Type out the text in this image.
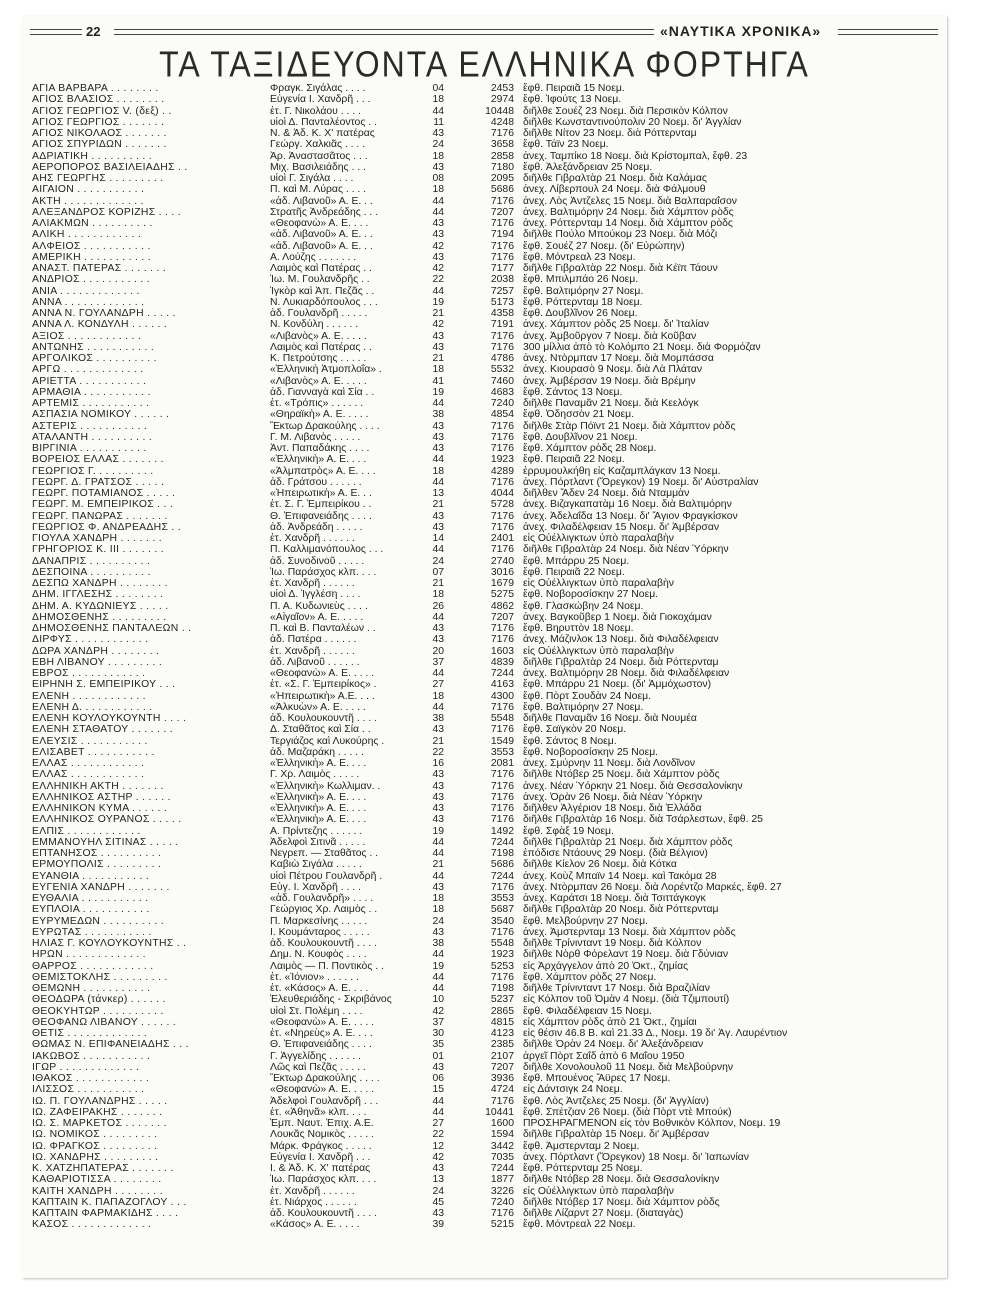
22	«ΝΑΥΤΙΚΑ ΧΡΟΝΙΚΑ»
ΤΑ ΤΑΞΙΔΕΥΟΝΤΑ ΕΛΛΗΝΙΚΑ ΦΟΡΤΗΓΑ
ΑΓΙΑ ΒΑΡΒΑΡΑ . . . . . . . .	Φραγκ. Σιγάλας . . . .	04	2453 ἔφθ. Πειραιᾶ 15 Νοεμ.
ΑΓΙΟΣ ΒΛΑΣΙΟΣ . . . . . . . .	Εὐγενία Ι. Χανδρῆ . . .	18	2974 ἔφθ. Ἰφούτς 13 Νοεμ.
ΑΓΙΟΣ ΓΕΩΡΓΙΟΣ V. (δεξ) . .	ἐτ. Γ. Νικολάου . . . .	44	10448 διῆλθε Σουέζ 23 Νοεμ. διὰ Περσικὸν Κόλπον
ΑΓΙΟΣ ΓΕΩΡΓΙΟΣ . . . . . . .	υἱοὶ Δ. Πανταλέοντος . .	11	4248 διῆλθε Κωνσταντινούπολιν 20 Νοεμ. δι' Ἀγγλίαν
ΑΓΙΟΣ ΝΙΚΟΛΑΟΣ . . . . . . .	Ν. & Ἀδ. Κ. Χ' πατέρας	43	7176 διῆλθε Νίτον 23 Νοεμ. διὰ Ρόττερνταμ
ΑΓΙΟΣ ΣΠΥΡΙΔΩΝ . . . . . . .	Γεώργ. Χαλκιᾶς . . . .	24	3658 ἔφθ. Τάϊν 23 Νοεμ.
ΑΔΡΙΑΤΙΚΗ . . . . . . . . . .	Ἀρ. Ἀναστασᾶτος . . .	18	2858 ἀνεχ. Ταμπίκο 18 Νοεμ. διὰ Κρίστομπαλ, ἔφθ. 23
ΑΕΡΟΠΟΡΟΣ ΒΑΣΙΛΕΙΑΔΗΣ . .	Μιχ. Βασιλειάδης . . .	43	7180 ἔφθ. Ἀλεξάνδρειαν 25 Νοεμ.
ΑΗΣ ΓΕΩΡΓΗΣ . . . . . . . . .	υἱοὶ Γ. Σιγάλα . . . .	08	2095 διῆλθε Γιβραλτὰρ 21 Νοεμ. διὰ Καλάμας
ΑΙΓΑΙΟΝ . . . . . . . . . . .	Π. καὶ Μ. Λύρας . . . .	18	5686 ἀνεχ. Λίβερπουλ 24 Νοεμ. διὰ Φάλμουθ
ΑΚΤΗ . . . . . . . . . . . . .	«ἀδ. Λιβανοῦ» Α. Ε. . .	44	7176 ἀνεχ. Λὸς Ἀντζελες 15 Νοεμ. διὰ Βαλπαραΐσον
ΑΛΕΞΑΝΔΡΟΣ ΚΟΡΙΖΗΣ . . . .	Στρατῆς Ἀνδρεάδης . . .	44	7207 ἀνεχ. Βαλτιμόρην 24 Νοεμ. διὰ Χάμπτον ρὸδς
ΑΛΙΑΚΜΩΝ . . . . . . . . . .	«Θεοφανὼ» Α. Ε. . . .	43	7176 ἀνεχ. Ρόττερνταμ 14 Νοεμ. διὰ Χάμπτον ρὸδς
ΑΛΙΚΗ . . . . . . . . . . . .	«ἀδ. Λιβανοῦ» Α. Ε. . .	43	7194 διῆλθε Πούλο Μπούκομ 23 Νοεμ. διὰ Μόζι
ΑΛΦΕΙΟΣ . . . . . . . . . . .	«ἀδ. Λιβανοῦ» Α. Ε. . .	42	7176 ἔφθ. Σουέζ 27 Νοεμ. (δι' Εὐρώπην)
ΑΜΕΡΙΚΗ . . . . . . . . . . .	Α. Λούζης . . . . . . .	43	7176 ἔφθ. Μόντρεαλ 23 Νοεμ.
ΑΝΑΣΤ. ΠΑΤΕΡΑΣ . . . . . . .	Λαιμὸς καὶ Πατέρας . .	42	7177 διῆλθε Γιβραλτὰρ 22 Νοεμ. διὰ Κέϊπ Τάουν
ΑΝΔΡΙΟΣ . . . . . . . . . . .	Ἰω. Μ. Γουλανδρῆς . .	22	2038 ἔφθ. Μπιλμπάο 26 Νοεμ.
ΑΝΙΑ . . . . . . . . . . . . .	Ἰγκὸρ καὶ Ἀπ. Πεζᾶς . .	44	7257 ἔφθ. Βαλτιμόρην 27 Νοεμ.
ΑΝΝΑ . . . . . . . . . . . . .	Ν. Λυκιαρδόπουλος . . .	19	5173 ἔφθ. Ρόττερνταμ 18 Νοεμ.
ΑΝΝΑ Ν. ΓΟΥΛΑΝΔΡΗ . . . . .	ἀδ. Γουλανδρῆ . . . . .	21	4358 ἔφθ. Δουβλῖνον 26 Νοεμ.
ΑΝΝΑ Λ. ΚΟΝΔΥΛΗ . . . . . .	Ν. Κονδύλη . . . . . .	42	7191 ἀνεχ. Χάμπτον ρὸδς 25 Νοεμ. δι' Ἰταλίαν
ΑΞΙΟΣ . . . . . . . . . . . .	«Λιβανὸς» Α. Ε. . . . .	43	7176 ἀνεχ. Ἀμβοῦργον 7 Νοεμ. διὰ Κοῦβαν
ΑΝΤΩΝΗΣ . . . . . . . . . . .	Λαιμὸς καὶ Πατέρας . .	43	7176 300 μίλλια ἀπὸ τὸ Κολόμπο 21 Νοεμ. διὰ Φορμόζαν
ΑΡΓΟΛΙΚΟΣ . . . . . . . . . .	Κ. Πετρούτσης . . . . .	21	4786 ἀνεχ. Ντὸρμπαν 17 Νοεμ. διὰ Μομπάσσα
ΑΡΓΩ . . . . . . . . . . . . .	«Ἑλληνικὴ Ἀτμοπλοΐα» .	18	5532 ἀνεχ. Κιουρασὸ 9 Νοεμ. διὰ Λὰ Πλάταν
ΑΡΙΕΤΤΑ . . . . . . . . . . .	«Λιβανὸς» Α. Ε. . . . .	41	7460 ἀνεχ. Ἀμβέρσαν 19 Νοεμ. διὰ Βρέμην
ΑΡΜΑΘΙΑ . . . . . . . . . . .	ἀδ. Γιανναγὰ καὶ Σία . .	19	4683 ἔφθ. Σάντος 13 Νοεμ.
ΑΡΤΕΜΙΣ . . . . . . . . . . .	ἐτ. «Τρόπις» . . . . . .	44	7240 διῆλθε Παναμᾶν 21 Νοεμ. διὰ Κεελόγκ
ΑΣΠΑΣΙΑ ΝΟΜΙΚΟΥ . . . . . .	«Θηραϊκὴ» Α. Ε. . . . .	38	4854 ἔφθ. Ὀδησσὸν 21 Νοεμ.
ΑΣΤΕΡΙΣ . . . . . . . . . . .	Ἕκτωρ Δρακούλης . . . .	43	7176 διῆλθε Στὰρ Πόϊντ 21 Νοεμ. διὰ Χάμπτον ρὸδς
ΑΤΑΛΑΝΤΗ . . . . . . . . . .	Γ. Μ. Λιβανὸς . . . . .	43	7176 ἔφθ. Δουβλῖνον 21 Νοεμ.
ΒΙΡΓΙΝΙΑ . . . . . . . . . . .	Ἀντ. Παπαδάκης . . . .	43	7176 ἔφθ. Χάμπτον ρὸδς 28 Νοεμ.
ΒΟΡΕΙΟΣ ΕΛΛΑΣ . . . . . . .	«Ἑλληνικὴ» Α. Ε. . . .	44	1923 ἔφθ. Πειραιᾶ 22 Νοεμ.
ΓΕΩΡΓΙΟΣ Γ. . . . . . . . . .	«Ἀλμπατρὸς» Α. Ε. . . .	18	4289 ἐρρυμουλκήθη εἰς Καζαμπλάγκαν 13 Νοεμ.
ΓΕΩΡΓ. Δ. ΓΡΑΤΣΟΣ . . . . .	ἀδ. Γράτσου . . . . . .	44	7176 ἀνεχ. Πόρτλαντ (Ὄρεγκον) 19 Νοεμ. δι' Αὐστραλίαν
ΓΕΩΡΓ. ΠΟΤΑΜΙΑΝΟΣ . . . . .	«Ἠπειρωτικὴ» Α. Ε. . .	13	4044 διῆλθεν Ἄδεν 24 Νοεμ. διὰ Νταμμὰν
ΓΕΩΡΓ. Μ. ΕΜΠΕΙΡΙΚΟΣ . . .	ἐτ. Σ. Γ. Ἐμπειρίκου . .	21	5728 ἀνεχ. Βιζαγκαπατὰμ 16 Νοεμ. διὰ Βαλτιμόρην
ΓΕΩΡΓ. ΠΑΝΩΡΑΣ . . . . . . .	Θ. Ἐπιφανειάδης . . . .	43	7176 ἀνεχ. Ἀδελαΐδα 13 Νοεμ. δι' Ἅγιον Φραγκίσκον
ΓΕΩΡΓΙΟΣ Φ. ΑΝΔΡΕΑΔΗΣ . .	ἀδ. Ἀνδρεάδη . . . . .	43	7176 ἀνεχ. Φιλαδέλφειαν 15 Νοεμ. δι' Ἀμβέρσαν
ΓΙΟΥΛΑ ΧΑΝΔΡΗ . . . . . . .	ἐτ. Χανδρῆ . . . . . .	14	2401 εἰς Οὐέλλιγκτων ὑπὸ παραλαβὴν
ΓΡΗΓΟΡΙΟΣ Κ. ΙΙΙ . . . . . . .	Π. Καλλιμανόπουλος . . .	44	7176 διῆλθε Γιβραλτὰρ 24 Νοεμ. διὰ Νέαν Ὑόρκην
ΔΑΝΑΠΡΙΣ . . . . . . . . . .	ἀδ. Συνοδινοῦ . . . . .	24	2740 ἔφθ. Μπάρρυ 25 Νοεμ.
ΔΕΣΠΟΙΝΑ . . . . . . . . . .	Ἰω. Παράσχος κλπ. . . .	07	3016 ἔφθ. Πειραιᾶ 22 Νοεμ.
ΔΕΣΠΩ ΧΑΝΔΡΗ . . . . . . . .	ἐτ. Χανδρῆ . . . . . .	21	1679 εἰς Οὐέλλιγκτων ὑπὸ παραλαβὴν
ΔΗΜ. ΙΓΓΛΕΣΗΣ . . . . . . . .	υἱοὶ Δ. Ἰγγλέση . . . .	18	5275 ἔφθ. Νοβοροσίσκην 27 Νοεμ.
ΔΗΜ. Α. ΚΥΔΩΝΙΕΥΣ . . . . .	Π. Α. Κυδωνιεὺς . . . .	26	4862 ἔφθ. Γλασκώβην 24 Νοεμ.
ΔΗΜΟΣΘΕΝΗΣ . . . . . . . . .	«Αἰγαῖον» Α. Ε. . . . .	44	7207 ἀνεχ. Βαγκοῦβερ 1 Νοεμ. διὰ Γιοκοχάμαν
ΔΗΜΟΣΘΕΝΗΣ ΠΑΝΤΑΛΕΩΝ . .	Π. καὶ Β. Πανταλέων . .	43	7176 ἔφθ. Βηρυττὸν 18 Νοεμ.
ΔΙΡΦΥΣ . . . . . . . . . . . .	ἀδ. Πατέρα . . . . . .	43	7176 ἀνεχ. Μάζινλοκ 13 Νοεμ. διὰ Φιλαδέλφειαν
ΔΩΡΑ ΧΑΝΔΡΗ . . . . . . . .	ἐτ. Χανδρῆ . . . . . .	20	1603 εἰς Οὐέλλιγκτων ὑπὸ παραλαβὴν
ΕΒΗ ΛΙΒΑΝΟΥ . . . . . . . . .	ἀδ. Λιβανοῦ . . . . . .	37	4839 διῆλθε Γιβραλτὰρ 24 Νοεμ. διὰ Ρόττερνταμ
ΕΒΡΟΣ . . . . . . . . . . . .	«Θεοφανὼ» Α. Ε. . . . .	44	7244 ἀνεχ. Βαλτιμόρην 28 Νοεμ. διὰ Φιλαδέλφειαν
ΕΙΡΗΝΗ Σ. ΕΜΠΕΙΡΙΚΟΥ . . .	ἐτ. «Σ. Γ. Ἐμπειρίκος» .	27	4163 ἔφθ. Μπάρρυ 21 Νοεμ. (δι' Ἀμμόχωστον)
ΕΛΕΝΗ . . . . . . . . . . . .	«Ἠπειρωτικὴ» Α.Ε. . . .	18	4300 ἔφθ. Πὸρτ Σουδὰν 24 Νοεμ.
ΕΛΕΝΗ Δ. . . . . . . . . . . .	«Ἀλκυὼν» Α. Ε. . . . .	44	7176 ἔφθ. Βαλτιμόρην 27 Νοεμ.
ΕΛΕΝΗ ΚΟΥΛΟΥΚΟΥΝΤΗ . . . .	ἀδ. Κουλουκουντῆ . . . .	38	5548 διῆλθε Παναμᾶν 16 Νοεμ. διὰ Νουμέα
ΕΛΕΝΗ ΣΤΑΘΑΤΟΥ . . . . . . .	Δ. Σταθᾶτος καὶ Σία . .	43	7176 ἔφθ. Σαϊγκὸν 20 Νοεμ.
ΕΛΕΥΣΙΣ . . . . . . . . . . .	Τεργιάζος καὶ Λυκούρης .	21	1549 ἔφθ. Σάντος 8 Νοεμ.
ΕΛΙΣΑΒΕΤ . . . . . . . . . . .	ἀδ. Μαζαράκη . . . . .	22	3553 ἔφθ. Νοβοροσίσκην 25 Νοεμ.
ΕΛΛΑΣ . . . . . . . . . . . .	«Ἑλληνικὴ» Α. Ε. . . .	16	2081 ἀνεχ. Σμύρνην 11 Νοεμ. διὰ Λονδῖνον
ΕΛΛΑΣ . . . . . . . . . . . .	Γ. Χρ. Λαιμὸς . . . . .	43	7176 διῆλθε Ντόβερ 25 Νοεμ. διὰ Χάμπτον ρὸδς
ΕΛΛΗΝΙΚΗ ΑΚΤΗ . . . . . . .	«Ἑλληνικὴ» Κωλλιμαν. .	43	7176 ἀνεχ. Νέαν Ὑόρκην 21 Νοεμ. διὰ Θεσσαλονίκην
ΕΛΛΗΝΙΚΟΣ ΑΣΤΗΡ . . . . . .	«Ἑλληνικὴ» Α. Ε. . . .	43	7176 ἀνεχ. Ὀρὰν 26 Νοεμ. διὰ Νέαν Ὑόρκην
ΕΛΛΗΝΙΚΟΝ ΚΥΜΑ . . . . . .	«Ἑλληνικὴ» Α. Ε. . . .	43	7176 διῆλθεν Ἀλγέριον 18 Νοεμ. διὰ Ἑλλάδα
ΕΛΛΗΝΙΚΟΣ ΟΥΡΑΝΟΣ . . . . .	«Ἑλληνικὴ» Α. Ε. . . .	43	7176 διῆλθε Γιβραλτὰρ 16 Νοεμ. διὰ Τσάρλεστων, ἔφθ. 25
ΕΛΠΙΣ . . . . . . . . . . . .	Α. Πρίντεζης . . . . . .	19	1492 ἔφθ. Σφὰξ 19 Νοεμ.
ΕΜΜΑΝΟΥΗΛ ΣΙΤΙΝΑΣ . . . . .	Ἀδελφοὶ Σιτινᾶ . . . . .	44	7244 διῆλθε Γιβραλτὰρ 21 Νοεμ. διὰ Χάμπτον ρὸδς
ΕΠΤΑΝΗΣΟΣ . . . . . . . . . .	Νεγρεπ. — Σταθᾶτος . .	44	7198 ἐπόδισε Ντάουνς 29 Νοεμ. (διὰ Βέλγιον)
ΕΡΜΟΥΠΟΛΙΣ . . . . . . . . .	Καβιὼ Σιγάλα . . . . .	21	5686 διῆλθε Κίελον 26 Νοεμ. διὰ Κότκα
ΕΥΑΝΘΙΑ . . . . . . . . . . .	υἱοὶ Πέτρου Γουλανδρῆ .	44	7244 ἀνεχ. Κοὺζ Μπαϊν 14 Νοεμ. καὶ Τακόμα 28
ΕΥΓΕΝΙΑ ΧΑΝΔΡΗ . . . . . . .	Εὐγ. Ι. Χανδρῆ . . . .	43	7176 ἀνεχ. Ντὸρμπαν 26 Νοεμ. διὰ Λορέντζο Μαρκές, ἔφθ. 27
ΕΥΘΑΛΙΑ . . . . . . . . . . .	«ἀδ. Γουλανδρῆ» . . . .	18	3553 ἀνεχ. Καράτσι 18 Νοεμ. διὰ Τσιττάγκογκ
ΕΥΠΛΟΙΑ . . . . . . . . . . .	Γεώργιος Χρ. Λαιμὸς . .	18	5687 διῆλθε Γιβραλτὰρ 20 Νοεμ. διὰ Ρόττερνταμ
ΕΥΡΥΜΕΔΩΝ . . . . . . . . . .	Π. Μαρκεσίνης . . . . .	24	3540 ἔφθ. Μελβούρνην 27 Νοεμ.
ΕΥΡΩΤΑΣ . . . . . . . . . . .	Ι. Κουμάνταρος . . . . .	43	7176 ἀνεχ. Ἀμστερνταμ 13 Νοεμ. διὰ Χάμπτον ρὸδς
ΗΛΙΑΣ Γ. ΚΟΥΛΟΥΚΟΥΝΤΗΣ . .	ἀδ. Κουλουκουντῆ . . . .	38	5548 διῆλθε Τρίνινταντ 19 Νοεμ. διὰ Κόλπον
ΗΡΩΝ . . . . . . . . . . . . .	Δημ. Ν. Κουφὸς . . . .	44	1923 διῆλθε Νὸρθ Φόρελαντ 19 Νοεμ. διὰ Γδύνιαν
ΘΑΡΡΟΣ . . . . . . . . . . . .	Λαιμὸς — Π. Ποντικὸς . .	19	5253 εἰς Ἀρχάγγελον ἀπὸ 20 Ὀκτ., ζημίας
ΘΕΜΙΣΤΟΚΛΗΣ . . . . . . . . .	ἐτ. «Ἰόνιον» . . . . . .	44	7176 ἔφθ. Χάμπτον ρὸδς 27 Νοεμ.
ΘΕΜΩΝΗ . . . . . . . . . . .	ἐτ. «Κάσος» Α. Ε. . . .	44	7198 διῆλθε Τρίνινταντ 17 Νοεμ. διὰ Βραζιλίαν
ΘΕΟΔΩΡΑ (τάνκερ) . . . . . .	Ἐλευθεριάδης - Σκριβάνος	10	5237 εἰς Κόλπον τοῦ Ὀμὰν 4 Νοεμ. (διὰ Τζιμπουτί)
ΘΕΟΚΥΗΤΩΡ . . . . . . . . . .	υἱοὶ Στ. Πολέμη . . . .	42	2865 ἔφθ. Φιλαδέλφειαν 15 Νοεμ.
ΘΕΟΦΑΝΩ ΛΙΒΑΝΟΥ . . . . . .	«Θεοφανὼ» Α. Ε. . . . .	37	4815 εἰς Χάμπτον ρὸδς ἀπὸ 21 Ὀκτ., ζημίαι
ΘΕΤΙΣ . . . . . . . . . . . . .	ἐτ. «Νηρεὺς» Α. Ε. . . .	30	4123 εἰς θέσιν 46.8 Β. καὶ 21.33 Δ., Νοεμ. 19 δι' Ἀγ. Λαυρέντιον
ΘΩΜΑΣ Ν. ΕΠΙΦΑΝΕΙΑΔΗΣ . . .	Θ. Ἐπιφανειάδης . . . .	35	2385 διῆλθε Ὀρὰν 24 Νοεμ. δι' Ἀλεξάνδρειαν
ΙΑΚΩΒΟΣ . . . . . . . . . . .	Γ. Ἀγγελίδης . . . . . .	01	2107 ἀργεῖ Πὸρτ Σαΐδ ἀπὸ 6 Μαΐου 1950
ΙΓΩΡ . . . . . . . . . . . . .	Λῶς καὶ Πεζᾶς . . . . .	43	7207 διῆλθε Χονολουλοῦ 11 Νοεμ. διὰ Μελβούρνην
ΙΘΑΚΟΣ . . . . . . . . . . . .	Ἕκτωρ Δρακούλης . . . .	06	3936 ἔφθ. Μπουένος Ἄϋρες 17 Νοεμ.
ΙΛΙΣΣΟΣ . . . . . . . . . . .	«Θεοφανὼ» Α. Ε. . . . .	15	4724 εἰς Δάντσιγκ 24 Νοεμ.
ΙΩ. Π. ΓΟΥΛΑΝΔΡΗΣ . . . . .	Ἀδελφοὶ Γουλανδρῆ . . .	44	7176 ἔφθ. Λὸς Ἀντζελες 25 Νοεμ. (δι' Ἀγγλίαν)
ΙΩ. ΖΑΦΕΙΡΑΚΗΣ . . . . . . .	ἐτ. «Ἀθηνᾶ» κλπ. . . .	44	10441 ἔφθ. Σπέτζιαν 26 Νοεμ. (διὰ Πὸρτ ντὲ Μπούκ)
ΙΩ. Σ. ΜΑΡΚΕΤΟΣ . . . . . . .	Ἐμπ. Ναυτ. Ἐπιχ. Α.Ε.	27	1600 ΠΡΟΣΗΡΑΓΜΕΝΟΝ εἰς τὸν Βοθνικὸν Κόλπον, Νοεμ. 19
ΙΩ. ΝΟΜΙΚΟΣ . . . . . . . . .	Λουκᾶς Νομικὸς . . . . .	22	1594 διῆλθε Γιβραλτὰρ 15 Νοεμ. δι' Ἀμβέρσαν
ΙΩ. ΦΡΑΓΚΟΣ . . . . . . . . .	Μάρκ. Φράγκος . . . . .	12	3442 ἔφθ. Ἀμστερνταμ 2 Νοεμ.
ΙΩ. ΧΑΝΔΡΗΣ . . . . . . . . .	Εὐγενία Ι. Χανδρῆ . . .	42	7035 ἀνεχ. Πόρτλαντ (Ὄρεγκον) 18 Νοεμ. δι' Ἰαπωνίαν
Κ. ΧΑΤΖΗΠΑΤΕΡΑΣ . . . . . . .	Ι. & Ἀδ. Κ. Χ' πατέρας	43	7244 ἔφθ. Ρόττερνταμ 25 Νοεμ.
ΚΑΘΑΡΙΟΤΙΣΣΑ . . . . . . . .	Ἰω. Παράσχος κλπ. . . .	13	1877 διῆλθε Ντόβερ 28 Νοεμ. διὰ Θεσσαλονίκην
ΚΑΙΤΗ ΧΑΝΔΡΗ . . . . . . . .	ἐτ. Χανδρῆ . . . . . .	24	3226 εἰς Οὐέλλιγκτων ὑπὸ παραλαβὴν
ΚΑΠΤΑΙΝ Κ. ΠΑΠΑΖΟΓΛΟΥ . . .	ἐτ. Νιάρχος . . . . . .	45	7240 διῆλθε Ντόβερ 17 Νοεμ. διὰ Χάμπτον ρὸδς
ΚΑΠΤΑΙΝ ΦΑΡΜΑΚΙΔΗΣ . . . .	ἀδ. Κουλουκουντῆ . . . .	43	7176 διῆλθε Λίζαρντ 27 Νοεμ. (διαταγὰς)
ΚΑΣΟΣ . . . . . . . . . . . . .	«Κάσος» Α. Ε. . . . .	39	5215 ἔφθ. Μόντρεαλ 22 Νοεμ.
